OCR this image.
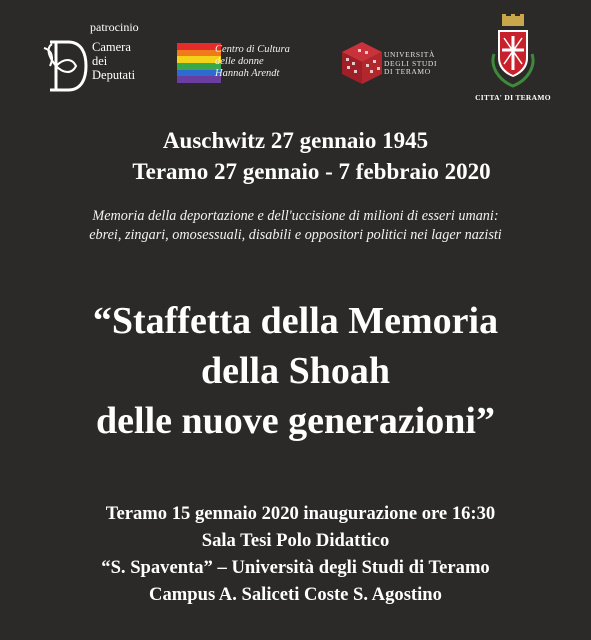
patrocinio
Camera
dei
Deputati
Centro di Cultura
delle donne
Hannah Arendt
UNIVERSITÀ
DEGLI STUDI
DI TERAMO
CITTA' DI TERAMO
Auschwitz 27 gennaio 1945
Teramo 27 gennaio - 7 febbraio 2020
Memoria della deportazione e dell'uccisione di milioni di esseri umani:
ebrei, zingari, omosessuali, disabili e oppositori politici nei lager nazisti
“Staffetta della Memoria
della Shoah
delle nuove generazioni”
Teramo 15 gennaio 2020 inaugurazione ore 16:30
Sala Tesi Polo Didattico
“S. Spaventa” – Università degli Studi di Teramo
Campus A. Saliceti Coste S. Agostino
